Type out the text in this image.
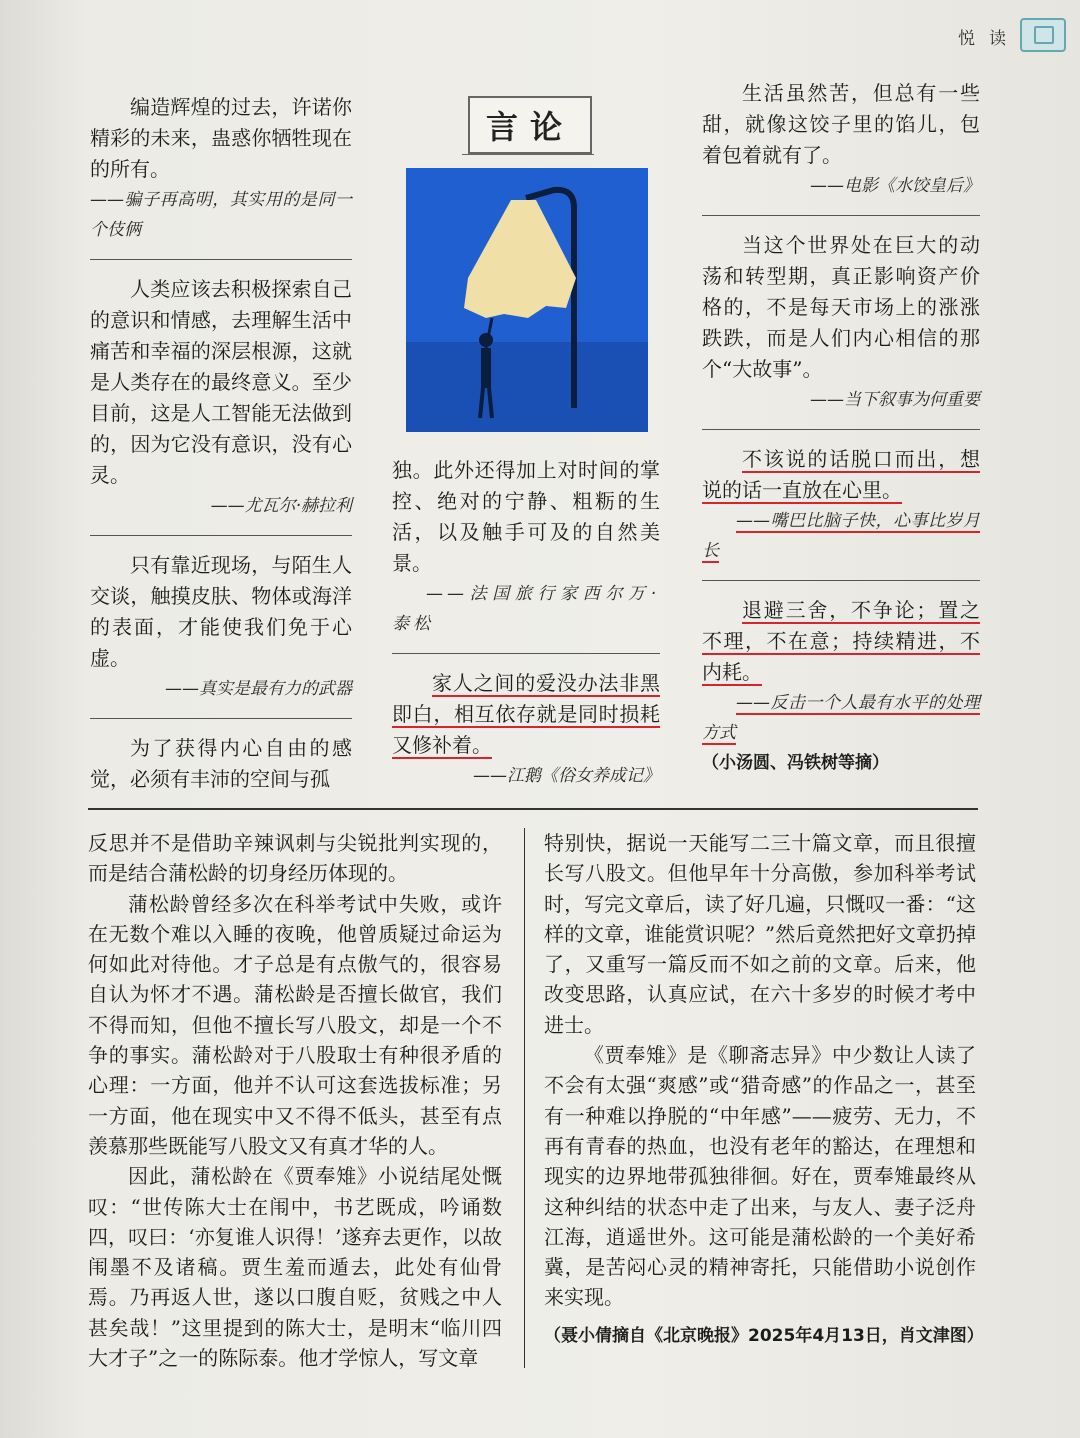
悦读
言论

编造辉煌的过去，许诺你精彩的未来，蛊惑你牺牲现在的所有。

——骗子再高明，其实用的是同一个伎俩

人类应该去积极探索自己的意识和情感，去理解生活中痛苦和幸福的深层根源，这就是人类存在的最终意义。至少目前，这是人工智能无法做到的，因为它没有意识，没有心灵。

——尤瓦尔·赫拉利

只有靠近现场，与陌生人交谈，触摸皮肤、物体或海洋的表面，才能使我们免于心虚。

——真实是最有力的武器

为了获得内心自由的感觉，必须有丰沛的空间与孤

独。此外还得加上对时间的掌控、绝对的宁静、粗粝的生活，以及触手可及的自然美景。

——法国旅行家西尔万·泰松

家人之间的爱没办法非黑即白，相互依存就是同时损耗又修补着。

——江鹅《俗女养成记》

生活虽然苦，但总有一些甜，就像这饺子里的馅儿，包着包着就有了。

——电影《水饺皇后》

当这个世界处在巨大的动荡和转型期，真正影响资产价格的，不是每天市场上的涨涨跌跌，而是人们内心相信的那个“大故事”。

——当下叙事为何重要

不该说的话脱口而出，想说的话一直放在心里。

——嘴巴比脑子快，心事比岁月长

退避三舍，不争论；置之不理，不在意；持续精进，不内耗。

——反击一个人最有水平的处理方式

（小汤圆、冯铁树等摘）

反思并不是借助辛辣讽刺与尖锐批判实现的，而是结合蒲松龄的切身经历体现的。

蒲松龄曾经多次在科举考试中失败，或许在无数个难以入睡的夜晚，他曾质疑过命运为何如此对待他。才子总是有点傲气的，很容易自认为怀才不遇。蒲松龄是否擅长做官，我们不得而知，但他不擅长写八股文，却是一个不争的事实。蒲松龄对于八股取士有种很矛盾的心理：一方面，他并不认可这套选拔标准；另一方面，他在现实中又不得不低头，甚至有点羡慕那些既能写八股文又有真才华的人。

因此，蒲松龄在《贾奉雉》小说结尾处慨叹：“世传陈大士在闱中，书艺既成，吟诵数四，叹曰：‘亦复谁人识得！’遂弃去更作，以故闱墨不及诸稿。贾生羞而遁去，此处有仙骨焉。乃再返人世，遂以口腹自贬，贫贱之中人甚矣哉！”这里提到的陈大士，是明末“临川四大才子”之一的陈际泰。他才学惊人，写文章

特别快，据说一天能写二三十篇文章，而且很擅长写八股文。但他早年十分高傲，参加科举考试时，写完文章后，读了好几遍，只慨叹一番：“这样的文章，谁能赏识呢？”然后竟然把好文章扔掉了，又重写一篇反而不如之前的文章。后来，他改变思路，认真应试，在六十多岁的时候才考中进士。

《贾奉雉》是《聊斋志异》中少数让人读了不会有太强“爽感”或“猎奇感”的作品之一，甚至有一种难以挣脱的“中年感”——疲劳、无力，不再有青春的热血，也没有老年的豁达，在理想和现实的边界地带孤独徘徊。好在，贾奉雉最终从这种纠结的状态中走了出来，与友人、妻子泛舟江海，逍遥世外。这可能是蒲松龄的一个美好希冀，是苦闷心灵的精神寄托，只能借助小说创作来实现。

（聂小倩摘自《北京晚报》2025年4月13日，肖文津图）
